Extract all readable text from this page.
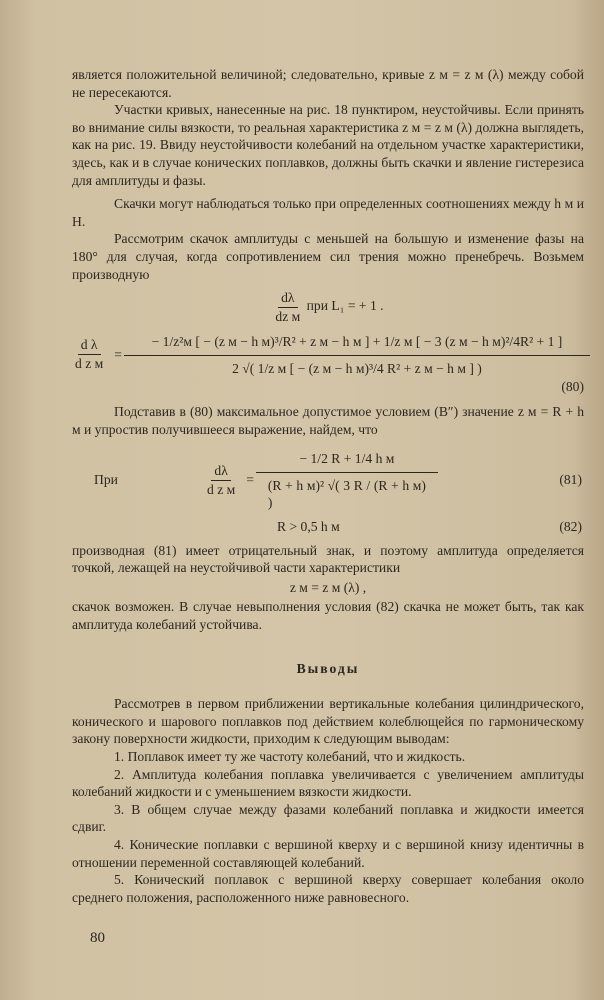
является положительной величиной; следовательно, кривые z м = z м (λ) между собой не пересекаются.

Участки кривых, нанесенные на рис. 18 пунктиром, неустойчивы. Если принять во внимание силы вязкости, то реальная характеристика z м = z м (λ) должна выглядеть, как на рис. 19. Ввиду неустойчивости колебаний на отдельном участке характеристики, здесь, как и в случае конических поплавков, должны быть скачки и явление гистерезиса для амплитуды и фазы.

Скачки могут наблюдаться только при определенных соотношениях между h м и H.

Рассмотрим скачок амплитуды с меньшей на большую и изменение фазы на 180° для случая, когда сопротивлением сил трения можно пренебречь. Возьмем производную

$\frac{d\lambda}{\text{dz м}}$ при L₁ = + 1 .
$\frac{\text{d λ}}{\text{d z м}}$ =
− 1/z²м [ − (z м − h м)³/R² + z м − h м ] + 1/z м [ − 3 (z м − h м)²/4R² + 1 ]
2 √( 1/z м [ − (z м − h м)³/4 R² + z м − h м ] )
(80)

Подставив в (80) максимальное допустимое условием (B″) значение z м = R + h м и упростив получившееся выражение, найдем, что

При	$\frac{d\lambda}{\text{d z м}}$ =
− 1/2 R + 1/4 h м
(R + h м)² √( 3 R / (R + h м) )
(81)
R > 0,5 h м	(82)

производная (81) имеет отрицательный знак, и поэтому амплитуда определяется точкой, лежащей на неустойчивой части характеристики

z м = z м (λ) ,

скачок возможен. В случае невыполнения условия (82) скачка не может быть, так как амплитуда колебаний устойчива.

Выводы

Рассмотрев в первом приближении вертикальные колебания цилиндрического, конического и шарового поплавков под действием колеблющейся по гармоническому закону поверхности жидкости, приходим к следующим выводам:

1. Поплавок имеет ту же частоту колебаний, что и жидкость.

2. Амплитуда колебания поплавка увеличивается с увеличением амплитуды колебаний жидкости и с уменьшением вязкости жидкости.

3. В общем случае между фазами колебаний поплавка и жидкости имеется сдвиг.

4. Конические поплавки с вершиной кверху и с вершиной книзу идентичны в отношении переменной составляющей колебаний.

5. Конический поплавок с вершиной кверху совершает колебания около среднего положения, расположенного ниже равновесного.

80
